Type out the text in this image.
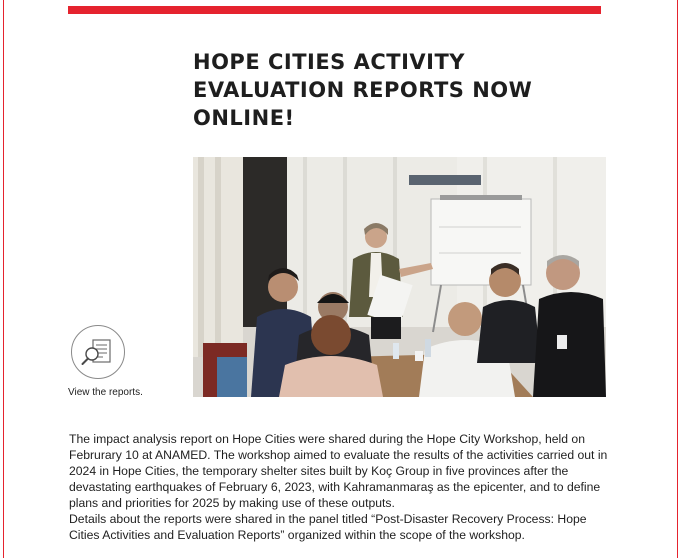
HOPE CITIES ACTIVITY EVALUATION REPORTS NOW ONLINE!
View the reports.

The impact analysis report on Hope Cities were shared during the Hope City Workshop, held on Februrary 10 at ANAMED. The workshop aimed to evaluate the results of the activities carried out in 2024 in Hope Cities, the temporary shelter sites built by Koç Group in five provinces after the devastating earthquakes of February 6, 2023, with Kahramanmaraş as the epicenter, and to define plans and priorities for 2025 by making use of these outputs.

Details about the reports were shared in the panel titled “Post-Disaster Recovery Process: Hope Cities Activities and Evaluation Reports” organized within the scope of the workshop.
